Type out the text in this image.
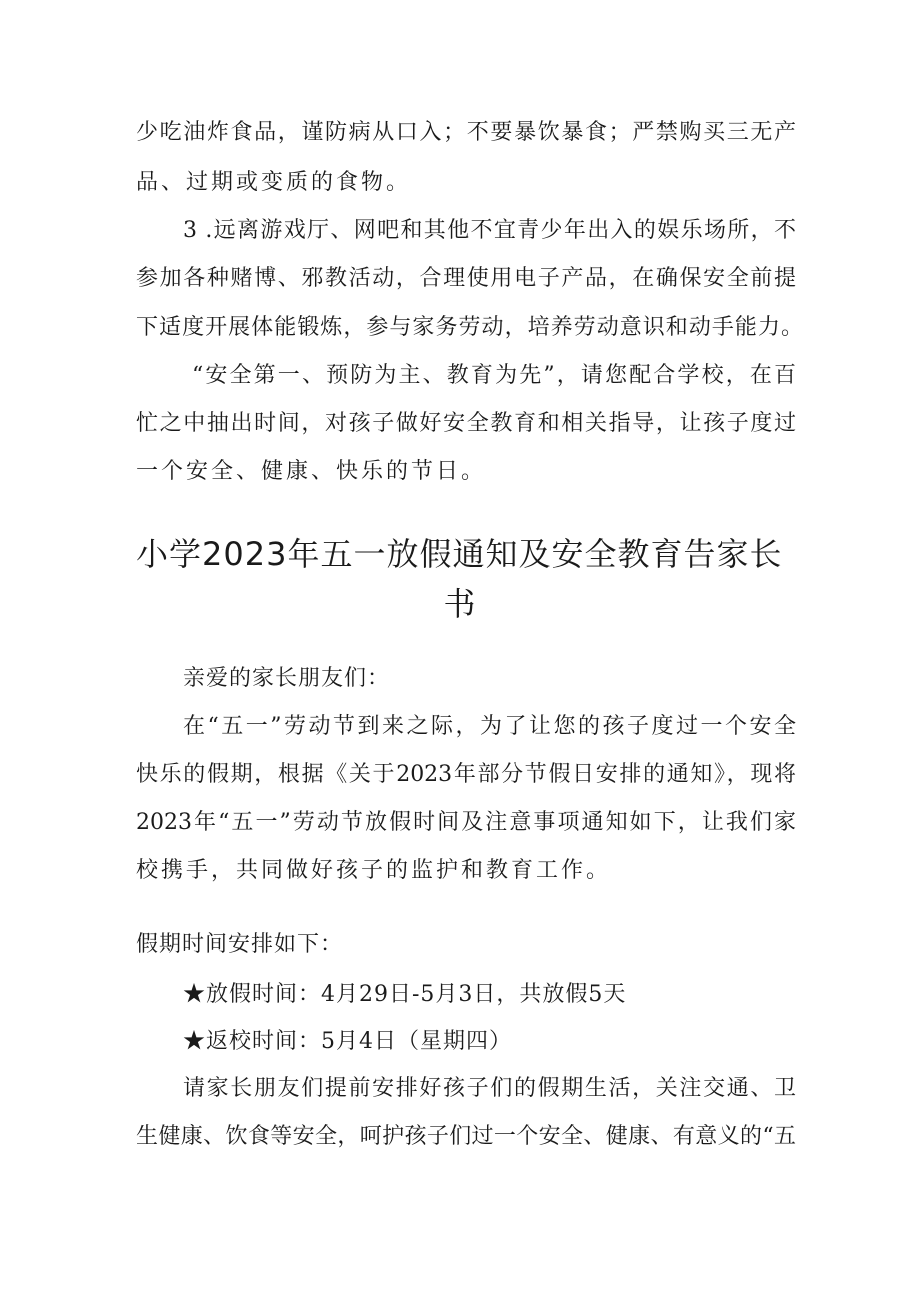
少吃油炸食品，谨防病从口入；不要暴饮暴食；严禁购买三无产

品、过期或变质的食物。

3 .远离游戏厅、网吧和其他不宜青少年出入的娱乐场所，不

参加各种赌博、邪教活动，合理使用电子产品，在确保安全前提

下适度开展体能锻炼，参与家务劳动，培养劳动意识和动手能力。

“安全第一、预防为主、教育为先”，请您配合学校，在百

忙之中抽出时间，对孩子做好安全教育和相关指导，让孩子度过

一个安全、健康、快乐的节日。

小学2023年五一放假通知及安全教育告家长
书

亲爱的家长朋友们：

在“五一”劳动节到来之际，为了让您的孩子度过一个安全

快乐的假期，根据《关于2023年部分节假日安排的通知》，现将

2023年“五一”劳动节放假时间及注意事项通知如下，让我们家

校携手，共同做好孩子的监护和教育工作。

假期时间安排如下：

★放假时间：4月29日-5月3日，共放假5天

★返校时间：5月4日（星期四）

请家长朋友们提前安排好孩子们的假期生活，关注交通、卫

生健康、饮食等安全，呵护孩子们过一个安全、健康、有意义的“五
